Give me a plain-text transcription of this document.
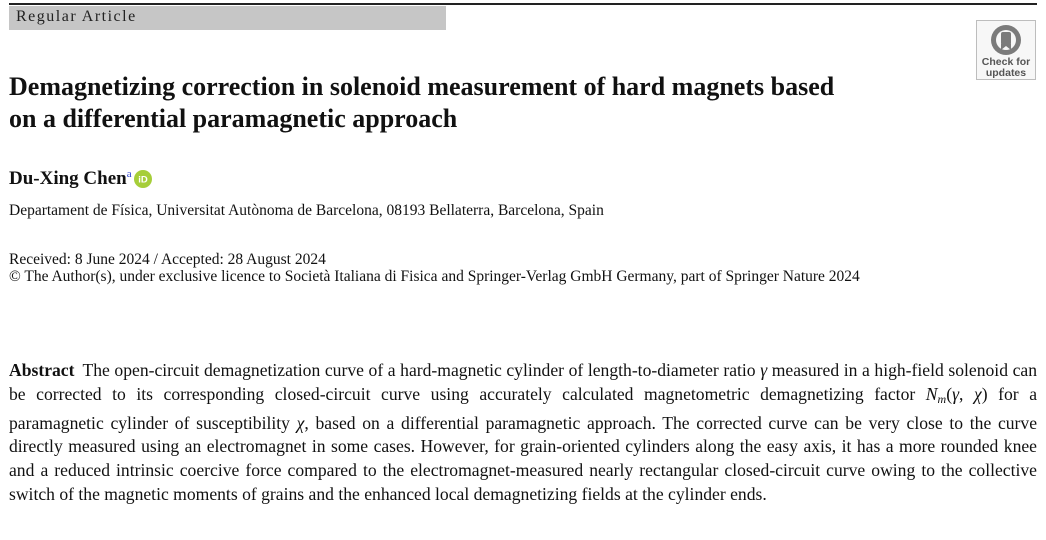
Regular Article
Check for
updates
Demagnetizing correction in solenoid measurement of hard magnets based
on a differential paramagnetic approach
Du-Xing Chen$^a$
iD
Departament de Física, Universitat Autònoma de Barcelona, 08193 Bellaterra, Barcelona, Spain
Received: 8 June 2024 / Accepted: 28 August 2024
© The Author(s), under exclusive licence to Società Italiana di Fisica and Springer-Verlag GmbH Germany, part of Springer Nature 2024

Abstract The open-circuit demagnetization curve of a hard-magnetic cylinder of length-to-diameter ratio γ measured in a high-field solenoid can be corrected to its corresponding closed-circuit curve using accurately calculated magnetometric demagnetizing factor $N_m(\gamma$, χ) for a paramagnetic cylinder of susceptibility χ, based on a differential paramagnetic approach. The corrected curve can be very close to the curve directly measured using an electromagnet in some cases. However, for grain-oriented cylinders along the easy axis, it has a more rounded knee and a reduced intrinsic coercive force compared to the electromagnet-measured nearly rectangular closed-circuit curve owing to the collective switch of the magnetic moments of grains and the enhanced local demagnetizing fields at the cylinder ends.
